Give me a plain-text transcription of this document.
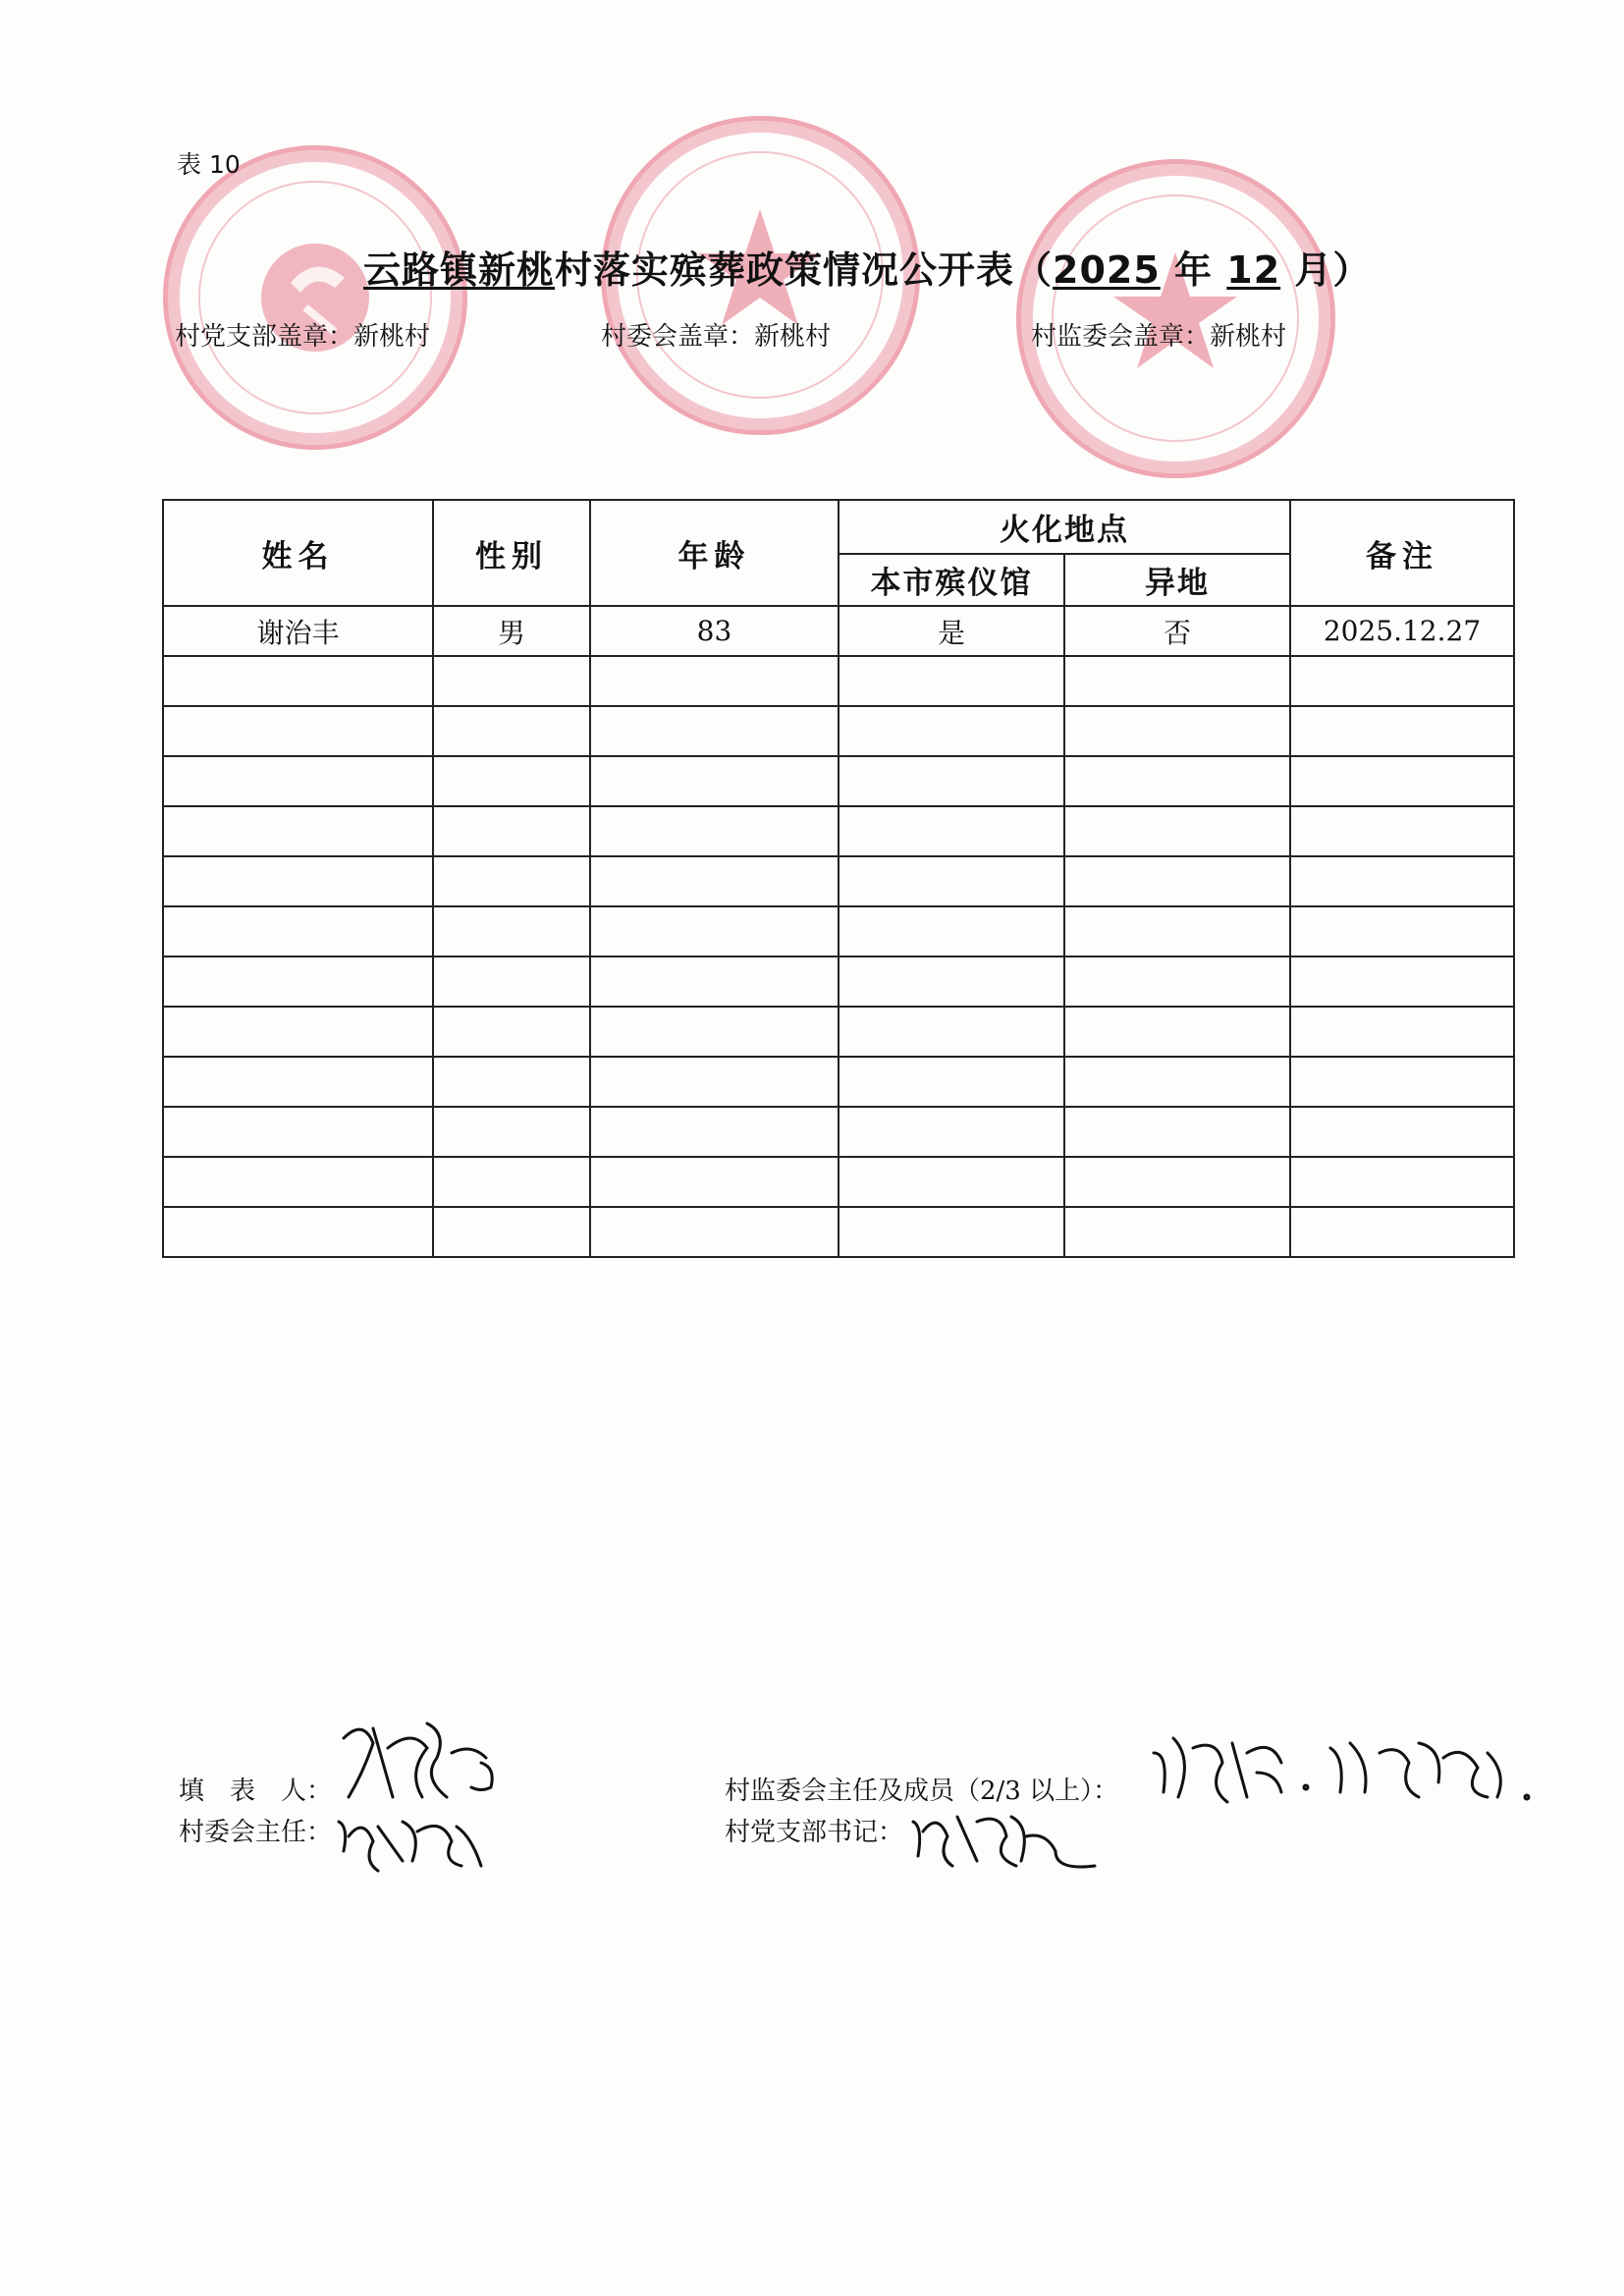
表 10
云路镇新桃村落实殡葬政策情况公开表（2025 年 12 月）
村党支部盖章：新桃村	村委会盖章：新桃村	村监委会盖章：新桃村
姓名	性别	年龄	火化地点		备注
			本市殡仪馆	异地	
谢治丰	男	83	是	否	2025.12.27

填　表　人：
村委会主任：
村监委会主任及成员（2/3 以上）：
村党支部书记：
